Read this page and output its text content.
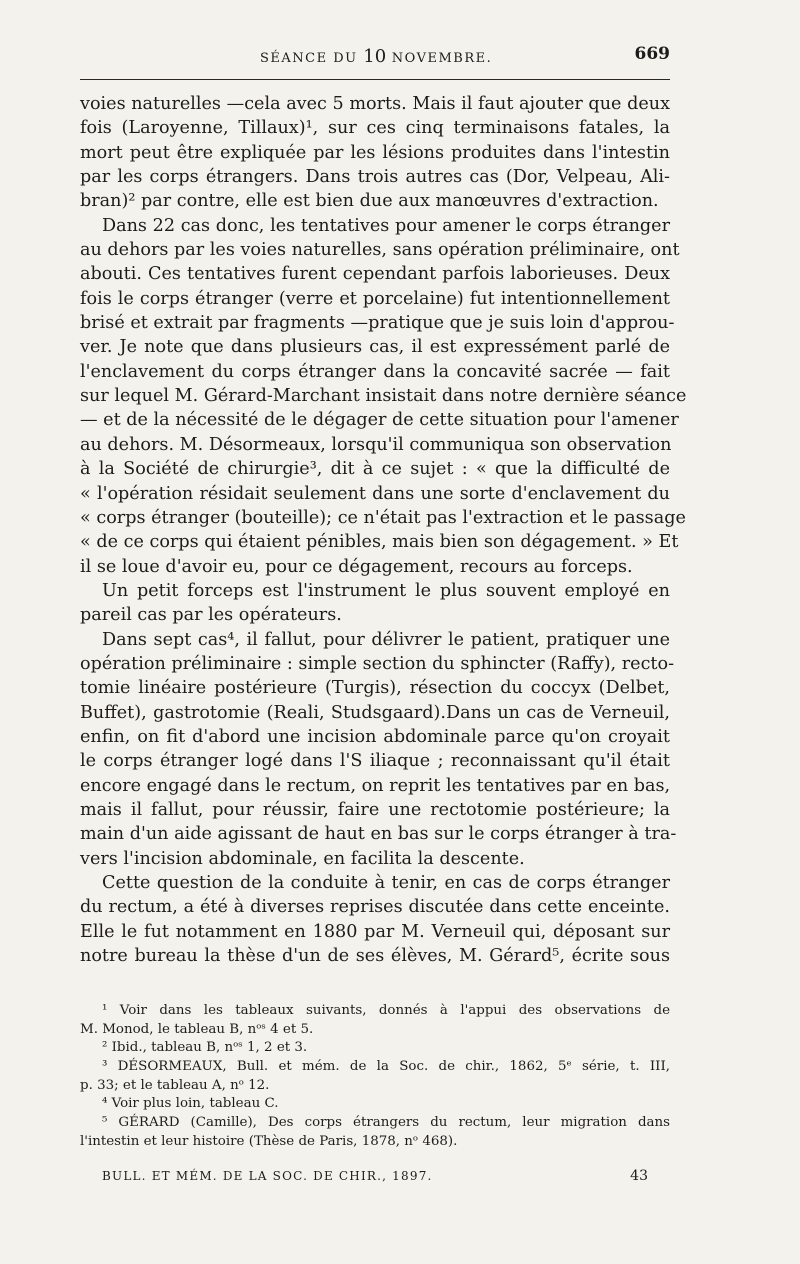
SÉANCE DU 10 NOVEMBRE.	669
voies naturelles —cela avec 5 morts. Mais il faut ajouter que deux
fois (Laroyenne, Tillaux)¹, sur ces cinq terminaisons fatales, la
mort peut être expliquée par les lésions produites dans l'intestin
par les corps étrangers. Dans trois autres cas (Dor, Velpeau, Ali-
bran)² par contre, elle est bien due aux manœuvres d'extraction.
Dans 22 cas donc, les tentatives pour amener le corps étranger
au dehors par les voies naturelles, sans opération préliminaire, ont
abouti. Ces tentatives furent cependant parfois laborieuses. Deux
fois le corps étranger (verre et porcelaine) fut intentionnellement
brisé et extrait par fragments —pratique que je suis loin d'approu-
ver. Je note que dans plusieurs cas, il est expressément parlé de
l'enclavement du corps étranger dans la concavité sacrée — fait
sur lequel M. Gérard-Marchant insistait dans notre dernière séance
— et de la nécessité de le dégager de cette situation pour l'amener
au dehors. M. Désormeaux, lorsqu'il communiqua son observation
à la Société de chirurgie³, dit à ce sujet : « que la difficulté de
« l'opération résidait seulement dans une sorte d'enclavement du
« corps étranger (bouteille); ce n'était pas l'extraction et le passage
« de ce corps qui étaient pénibles, mais bien son dégagement. » Et
il se loue d'avoir eu, pour ce dégagement, recours au forceps.
Un petit forceps est l'instrument le plus souvent employé en
pareil cas par les opérateurs.
Dans sept cas⁴, il fallut, pour délivrer le patient, pratiquer une
opération préliminaire : simple section du sphincter (Raffy), recto-
tomie linéaire postérieure (Turgis), résection du coccyx (Delbet,
Buffet), gastrotomie (Reali, Studsgaard).Dans un cas de Verneuil,
enfin, on fit d'abord une incision abdominale parce qu'on croyait
le corps étranger logé dans l'S iliaque ; reconnaissant qu'il était
encore engagé dans le rectum, on reprit les tentatives par en bas,
mais il fallut, pour réussir, faire une rectotomie postérieure; la
main d'un aide agissant de haut en bas sur le corps étranger à tra-
vers l'incision abdominale, en facilita la descente.
Cette question de la conduite à tenir, en cas de corps étranger
du rectum, a été à diverses reprises discutée dans cette enceinte.
Elle le fut notamment en 1880 par M. Verneuil qui, déposant sur
notre bureau la thèse d'un de ses élèves, M. Gérard⁵, écrite sous
¹ Voir dans les tableaux suivants, donnés à l'appui des observations de
M. Monod, le tableau B, nᵒˢ 4 et 5.
² Ibid., tableau B, nᵒˢ 1, 2 et 3.
³ DÉSORMEAUX, Bull. et mém. de la Soc. de chir., 1862, 5ᵉ série, t. III,
p. 33; et le tableau A, nᵒ 12.
⁴ Voir plus loin, tableau C.
⁵ GÉRARD (Camille), Des corps étrangers du rectum, leur migration dans
l'intestin et leur histoire (Thèse de Paris, 1878, nᵒ 468).
BULL. ET MÉM. DE LA SOC. DE CHIR., 1897.	43
